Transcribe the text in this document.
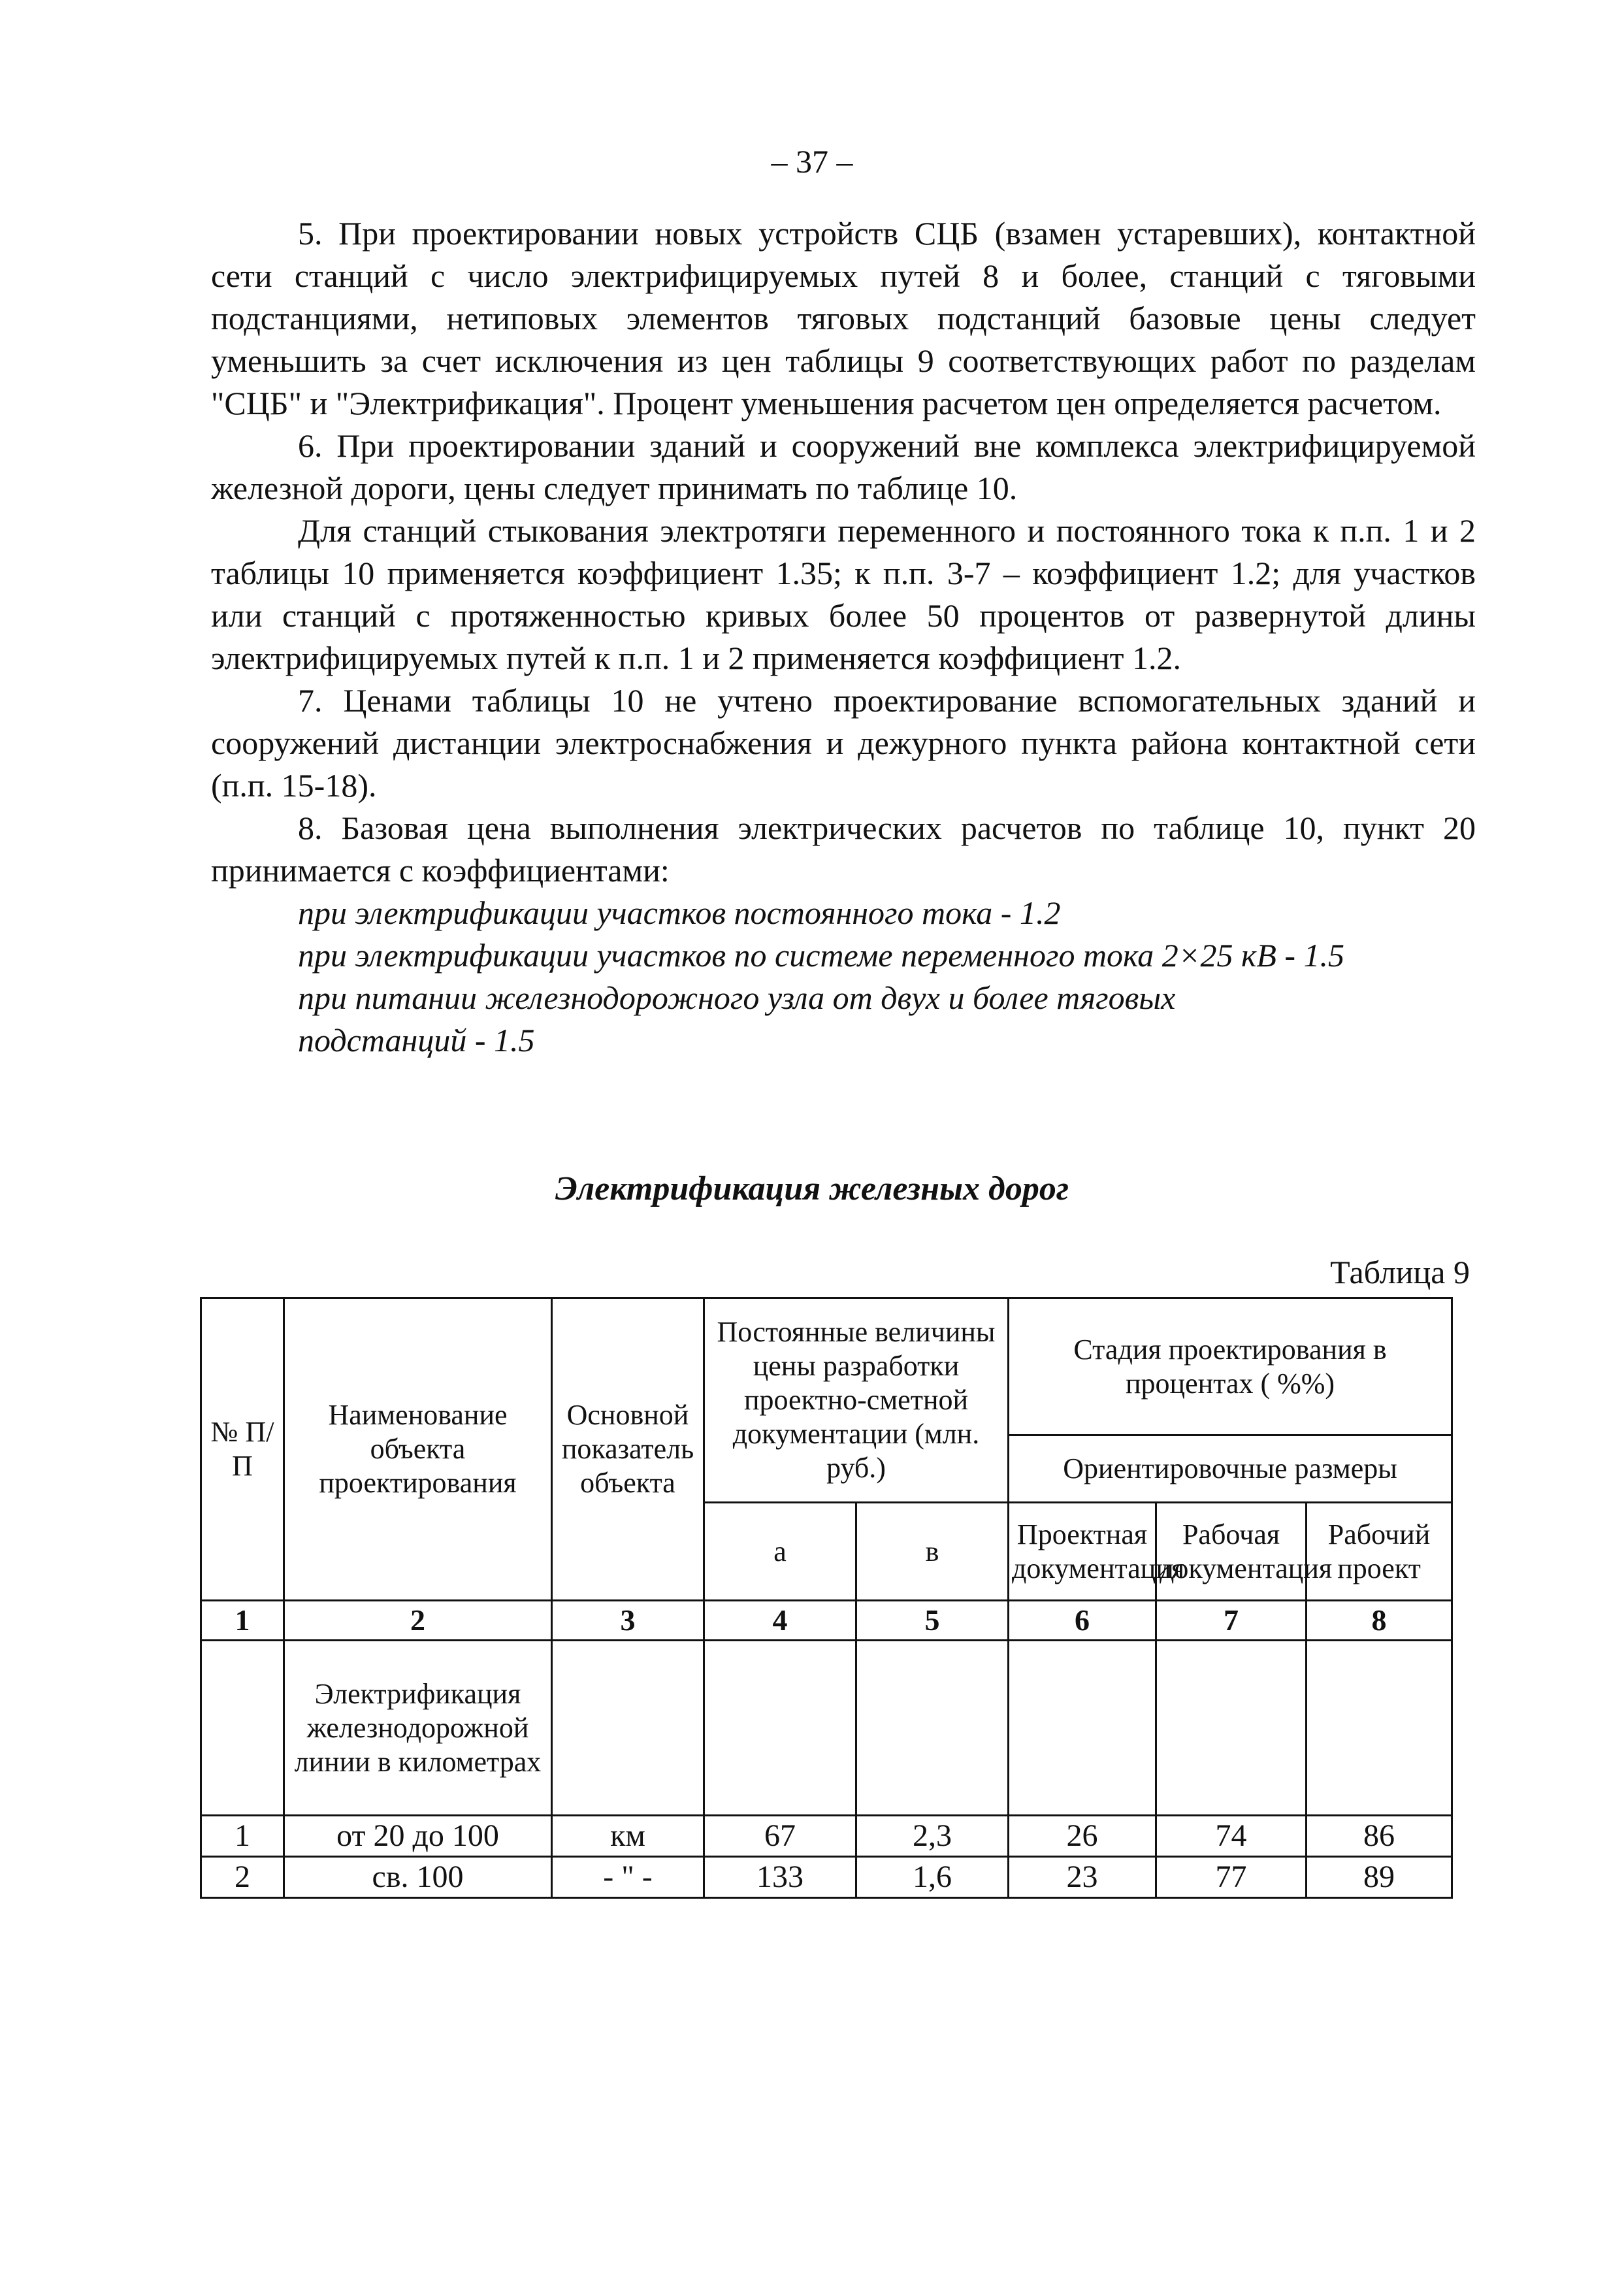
– 37 –

5. При проектировании новых устройств СЦБ (взамен устаревших), контактной сети станций с число электрифицируемых путей 8 и более, станций с тяговыми подстанциями, нетиповых элементов тяговых подстанций базовые цены следует уменьшить за счет исключения из цен таблицы 9 соответствующих работ по разделам "СЦБ" и "Электрификация". Процент уменьшения расчетом цен определяется расчетом.

6. При проектировании зданий и сооружений вне комплекса электрифицируемой железной дороги, цены следует принимать по таблице 10.

Для станций стыкования электротяги переменного и постоянного тока к п.п. 1 и 2 таблицы 10 применяется коэффициент 1.35; к п.п. 3-7 – коэффициент 1.2; для участков или станций с протяженностью кривых более 50 процентов от развернутой длины электрифицируемых путей к п.п. 1 и 2 применяется коэффициент 1.2.

7. Ценами таблицы 10 не учтено проектирование вспомогательных зданий и сооружений дистанции электроснабжения и дежурного пункта района контактной сети (п.п. 15-18).

8. Базовая цена выполнения электрических расчетов по таблице 10, пункт 20 принимается с коэффициентами:

при электрификации участков постоянного тока - 1.2
при электрификации участков по системе переменного тока 2×25 кВ - 1.5
при питании железнодорожного узла от двух и более тяговых
подстанций - 1.5
Электрификация железных дорог
Таблица 9
№ П/П	Наименование объекта проектирования	Основной показатель объекта	Постоянные величины цены разработки проектно-сметной документации (млн. руб.)		Стадия проектирования в процентах ( %%)		
					Ориентировочные размеры		
			а	в	Проектная документация	Рабочая документация	Рабочий проект
1	2	3	4	5	6	7	8
	Электрификация железнодорожной линии в километрах						
1	от 20 до 100	км	67	2,3	26	74	86
2	св. 100	- " -	133	1,6	23	77	89
